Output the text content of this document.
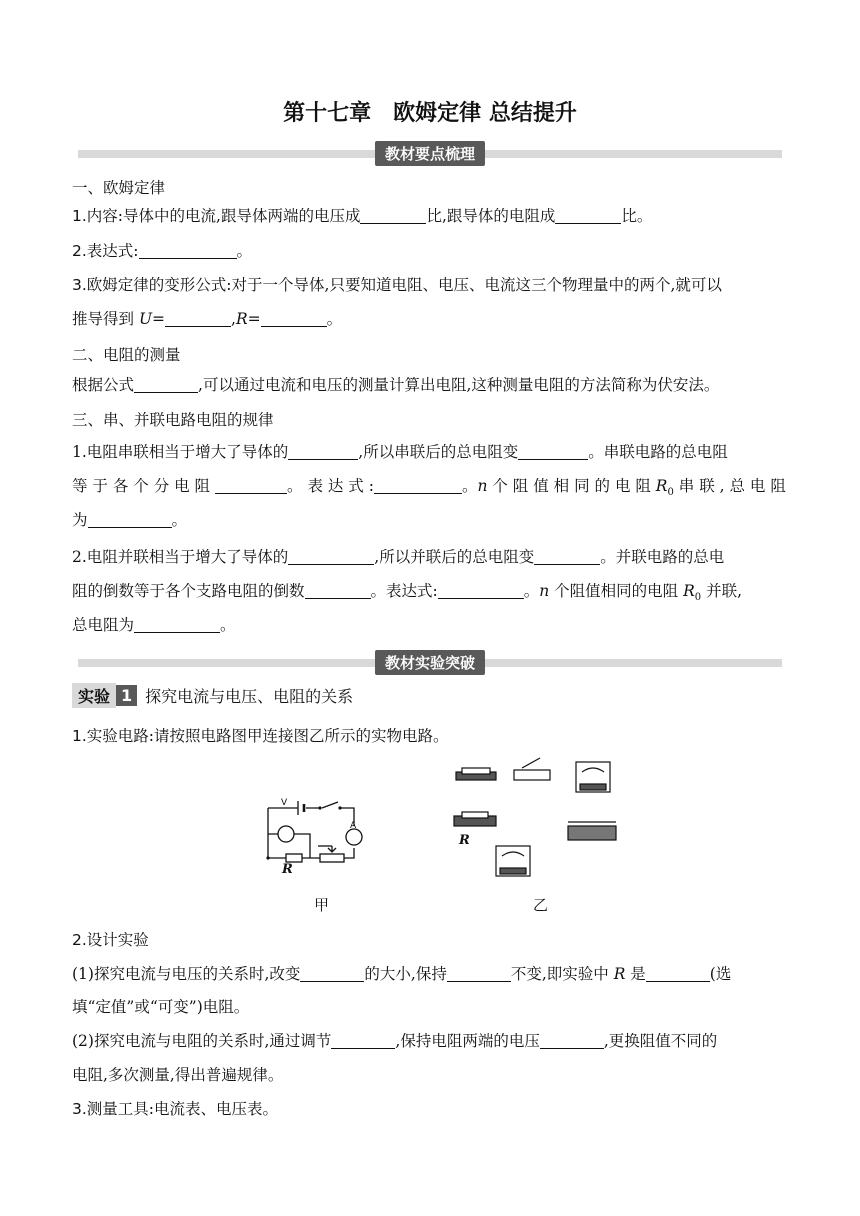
第十七章　欧姆定律 总结提升
教材要点梳理
一、欧姆定律
1.内容:导体中的电流,跟导体两端的电压成	比,跟导体的电阻成	比。
2.表达式:	。
3.欧姆定律的变形公式:对于一个导体,只要知道电阻、电压、电流这三个物理量中的两个,就可以
推导得到 U=	,R=	。
二、电阻的测量
根据公式	,可以通过电流和电压的测量计算出电阻,这种测量电阻的方法简称为伏安法。
三、串、并联电路电阻的规律
1.电阻串联相当于增大了导体的	,所以串联后的总电阻变	。串联电路的总电阻
等 于 各 个 分 电 阻	。 表 达 式 :	。n 个 阻 值 相 同 的 电 阻 $R_0$ 串 联 , 总 电 阻
为	。
2.电阻并联相当于增大了导体的	,所以并联后的总电阻变	。并联电路的总电
阻的倒数等于各个支路电阻的倒数	。表达式:	。n 个阻值相同的电阻 $R_0$ 并联,
总电阻为	。
教材实验突破
实验 1 探究电流与电压、电阻的关系
1.实验电路:请按照电路图甲连接图乙所示的实物电路。
V
A
R
R
甲	乙
2.设计实验
(1)探究电流与电压的关系时,改变	的大小,保持	不变,即实验中 R 是	(选
填“定值”或“可变”)电阻。
(2)探究电流与电阻的关系时,通过调节	,保持电阻两端的电压	,更换阻值不同的
电阻,多次测量,得出普遍规律。
3.测量工具:电流表、电压表。
